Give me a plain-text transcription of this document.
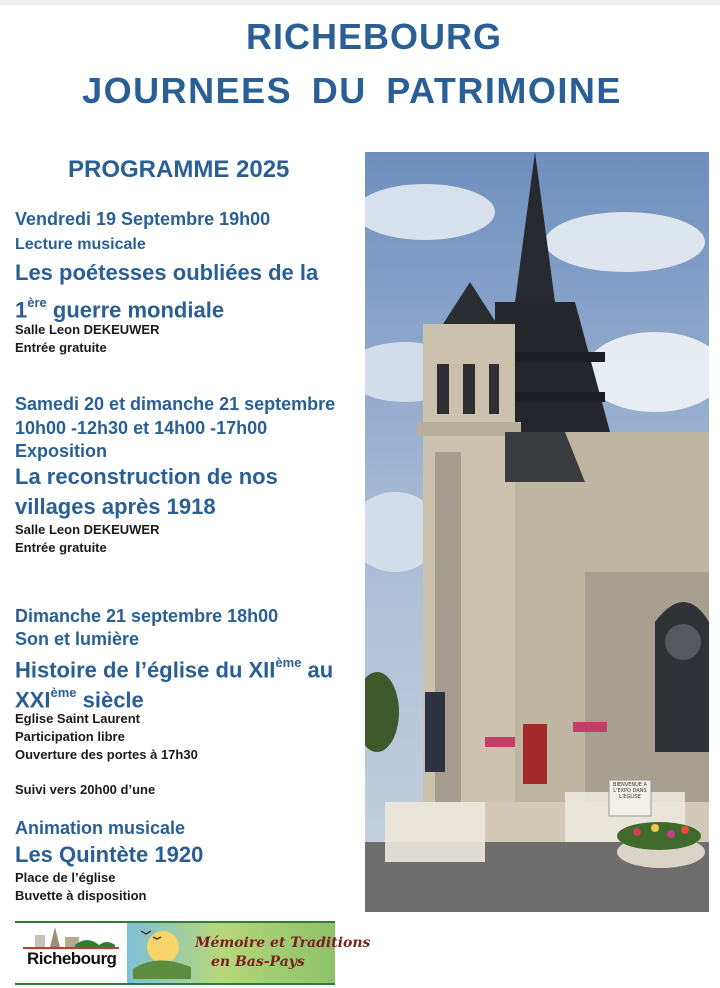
RICHEBOURG
JOURNEES DU PATRIMOINE
PROGRAMME 2025
Vendredi 19 Septembre 19h00
Lecture musicale
Les poétesses oubliées de la
1ère guerre mondiale
Salle Leon DEKEUWER
Entrée gratuite
Samedi 20 et dimanche 21 septembre
10h00 -12h30 et 14h00 -17h00
Exposition
La reconstruction de nos
villages après 1918
Salle Leon DEKEUWER
Entrée gratuite
Dimanche 21 septembre 18h00
Son et lumière
Histoire de l’église du XIIème au
XXIème siècle
Eglise Saint Laurent
Participation libre
Ouverture des portes à 17h30
Suivi vers 20h00 d’une
Animation musicale
Les Quintète 1920
Place de l’église
Buvette à disposition
BIENVENUE A L'EXPO DANS L'EGLISE
Richebourg
Mémoire et Traditions
en Bas-Pays
